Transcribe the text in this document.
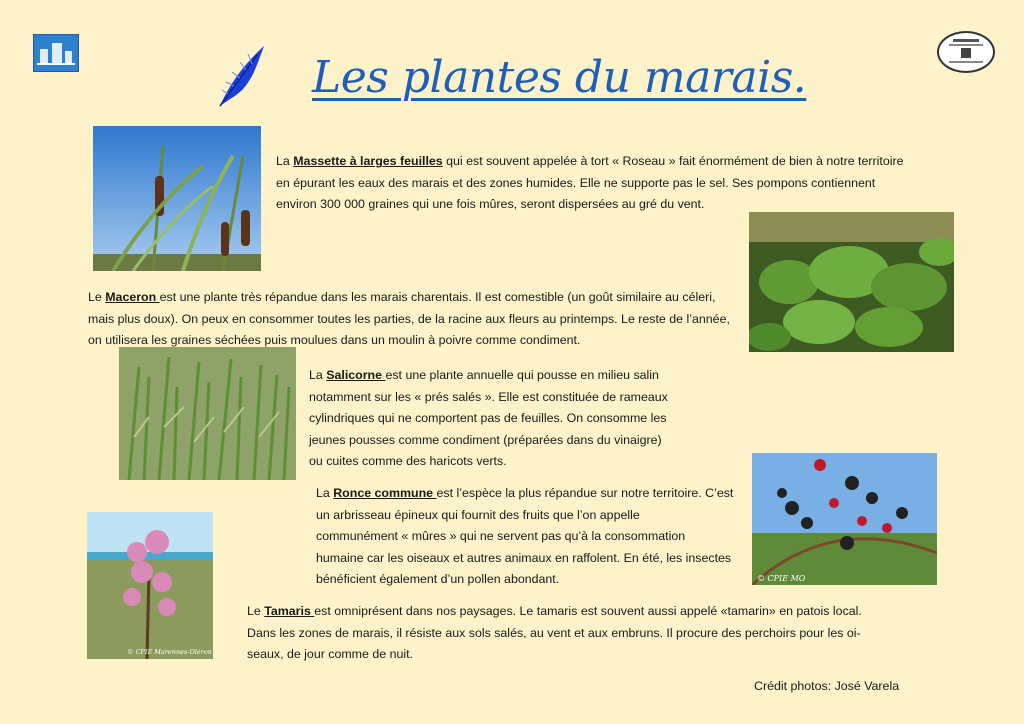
Les plantes du marais.
La Massette à larges feuilles qui est souvent appelée à tort « Roseau » fait énormément de bien à notre territoire
en épurant les eaux des marais et des zones humides. Elle ne supporte pas le sel. Ses pompons contiennent
environ 300 000 graines qui une fois mûres, seront dispersées au gré du vent.
Le Maceron est une plante très répandue dans les marais charentais. Il est comestible (un goût similaire au céleri,
mais plus doux). On peux en consommer toutes les parties, de la racine aux fleurs au printemps. Le reste de l’année,
on utilisera les graines séchées puis moulues dans un moulin à poivre comme condiment.
La Salicorne est une plante annuelle qui pousse en milieu salin
notamment sur les « prés salés ». Elle est constituée de rameaux
cylindriques qui ne comportent pas de feuilles. On consomme les
jeunes pousses comme condiment (préparées dans du vinaigre)
ou cuites comme des haricots verts.
© CPIE MO
La Ronce commune est l’espèce la plus répandue sur notre territoire. C’est
un arbrisseau épineux qui fournit des fruits que l’on appelle
communément « mûres » qui ne servent pas qu’à la consommation
humaine car les oiseaux et autres animaux en raffolent. En été, les insectes
bénéficient également d’un pollen abondant.
© CPIE Marennes-Oléron
Le Tamaris est omniprésent dans nos paysages. Le tamaris est souvent aussi appelé «tamarin» en patois local.
Dans les zones de marais, il résiste aux sols salés, au vent et aux embruns. Il procure des perchoirs pour les oi-
seaux, de jour comme de nuit.
Crédit photos: José Varela
